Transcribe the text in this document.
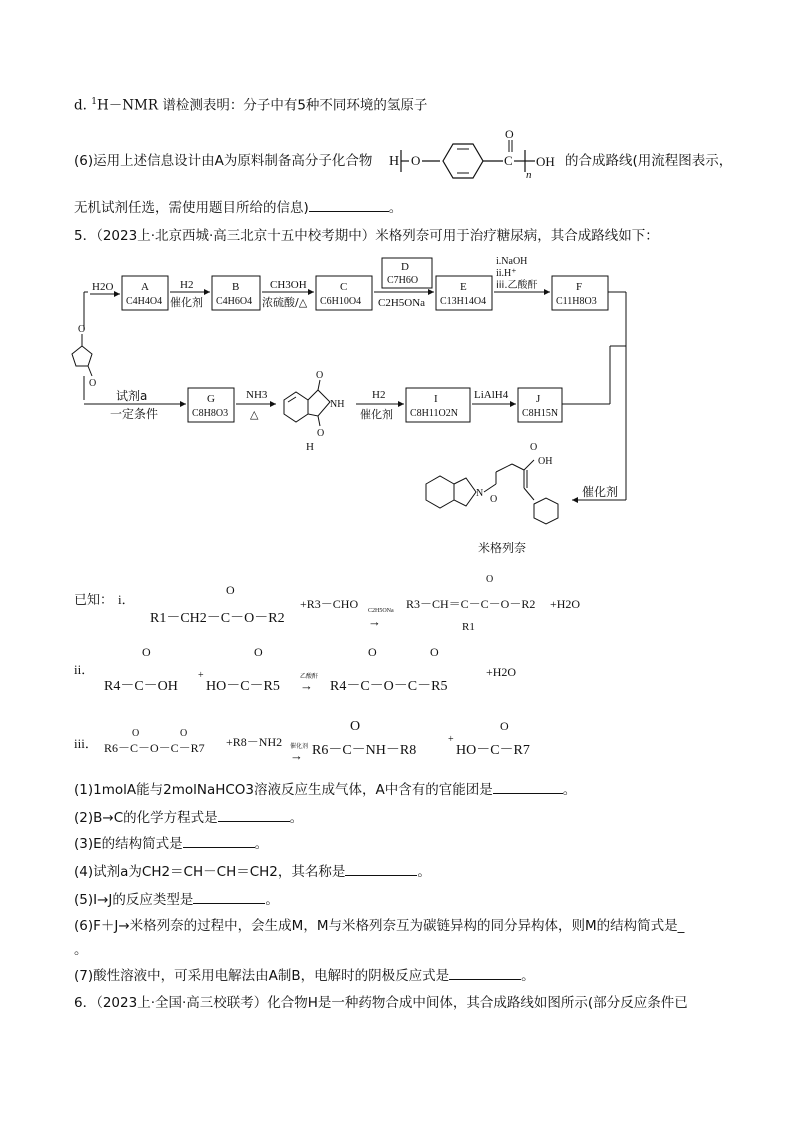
d. $^1$H－NMR 谱检测表明：分子中有5种不同环境的氢原子
(6)运用上述信息设计由A为原料制备高分子化合物 H O	C
O
n
OH 的合成路线(用流程图表示，
无机试剂任选，需使用题目所给的信息)	。
5．（2023上·北京西城·高三北京十五中校考期中）米格列奈可用于治疗糖尿病，其合成路线如下：
H2O	A
C4H4O4
H2
催化剂
B
C4H6O4
CH3OH
浓硫酸/△
C
C6H10O4
D
C7H6O
C2H5ONa
E
C13H14O4
i.NaOH
ii.H⁺
iii.乙酸酐	F
C11H8O3
O
O
试剂a
一定条件
G
C8H8O3
NH3
△
O
O
NH
H
H2
催化剂
I
C8H11O2N
LiAlH4	J
C8H15N
催化剂
N
O
OH
O
米格列奈
已知： i．
R1－CH2－C－O－R2
O
+R3－CHO C2H5ONa
→
R3－CH＝C－C－O－R2
O
R1
+H2O
ii．
R4－C－OH
O
+
HO－C－R5
O
乙酸酐
→ R4－C－O－C－R5
O	O
+H2O
iii． R6－C－O－C－R7
O	O
+R8－NH2 催化剂
→ R6－C－NH－R8
O
+
HO－C－R7
O
(1)1molA能与2molNaHCO3溶液反应生成气体，A中含有的官能团是	。
(2)B→C的化学方程式是	。
(3)E的结构简式是	。
(4)试剂a为CH2＝CH－CH＝CH2，其名称是	。
(5)I→J的反应类型是	。
(6)F＋J→米格列奈的过程中，会生成M，M与米格列奈互为碳链异构的同分异构体，则M的结构简式是_
。
(7)酸性溶液中，可采用电解法由A制B，电解时的阴极反应式是	。
6．（2023上·全国·高三校联考）化合物H是一种药物合成中间体，其合成路线如图所示(部分反应条件已
